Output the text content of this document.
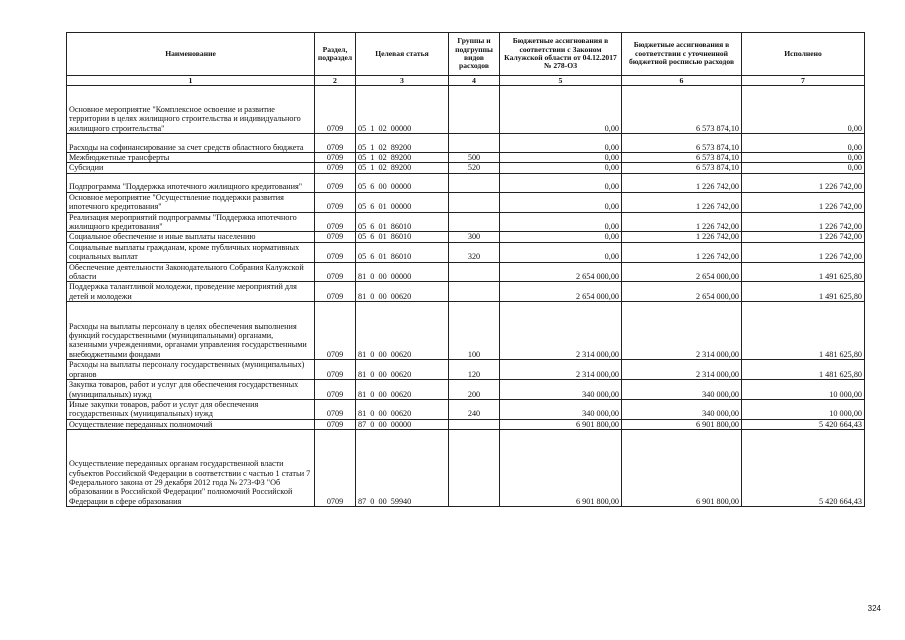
Наименование	Раздел, подраздел	Целевая статья	Группы и подгруппы видов расходов	Бюджетные ассигнования в соответствии с Законом Калужской области от 04.12.2017 № 278-ОЗ	Бюджетные ассигнования в соответствии с уточненной бюджетной росписью расходов	Исполнено
1	2	3	4	5	6	7
Основное мероприятие "Комплексное освоение и развитие территории в целях жилищного строительства и индивидуального жилищного строительства"	0709	05  1  02  00000		0,00	6 573 874,10	0,00
Расходы на софинансирование за счет средств областного бюджета	0709	05  1  02  89200		0,00	6 573 874,10	0,00
Межбюджетные трансферты	0709	05  1  02  89200	500	0,00	6 573 874,10	0,00
Субсидии	0709	05  1  02  89200	520	0,00	6 573 874,10	0,00
Подпрограмма "Поддержка ипотечного жилищного кредитования"	0709	05  6  00  00000		0,00	1 226 742,00	1 226 742,00
Основное мероприятие "Осуществление поддержки развития ипотечного кредитования"	0709	05  6  01  00000		0,00	1 226 742,00	1 226 742,00
Реализация мероприятий подпрограммы "Поддержка ипотечного жилищного кредитования"	0709	05  6  01  86010		0,00	1 226 742,00	1 226 742,00
Социальное обеспечение и иные выплаты населению	0709	05  6  01  86010	300	0,00	1 226 742,00	1 226 742,00
Социальные выплаты гражданам, кроме публичных нормативных социальных выплат	0709	05  6  01  86010	320	0,00	1 226 742,00	1 226 742,00
Обеспечение деятельности Законодательного Собрания Калужской области	0709	81  0  00  00000		2 654 000,00	2 654 000,00	1 491 625,80
Поддержка талантливой молодежи, проведение мероприятий для детей и молодежи	0709	81  0  00  00620		2 654 000,00	2 654 000,00	1 491 625,80
Расходы на выплаты персоналу в целях обеспечения выполнения функций государственными (муниципальными) органами, казенными учреждениями, органами управления государственными внебюджетными фондами	0709	81  0  00  00620	100	2 314 000,00	2 314 000,00	1 481 625,80
Расходы на выплаты персоналу государственных (муниципальных) органов	0709	81  0  00  00620	120	2 314 000,00	2 314 000,00	1 481 625,80
Закупка товаров, работ и услуг для обеспечения государственных (муниципальных) нужд	0709	81  0  00  00620	200	340 000,00	340 000,00	10 000,00
Иные закупки товаров, работ и услуг для обеспечения государственных (муниципальных) нужд	0709	81  0  00  00620	240	340 000,00	340 000,00	10 000,00
Осуществление переданных полномочий	0709	87  0  00  00000		6 901 800,00	6 901 800,00	5 420 664,43
Осуществление переданных органам государственной власти субъектов Российской Федерации в соответствии с частью 1 статьи 7 Федерального закона от 29 декабря 2012 года № 273-ФЗ "Об образовании в Российской Федерации" полномочий Российской Федерации в сфере образования	0709	87  0  00  59940		6 901 800,00	6 901 800,00	5 420 664,43
324
